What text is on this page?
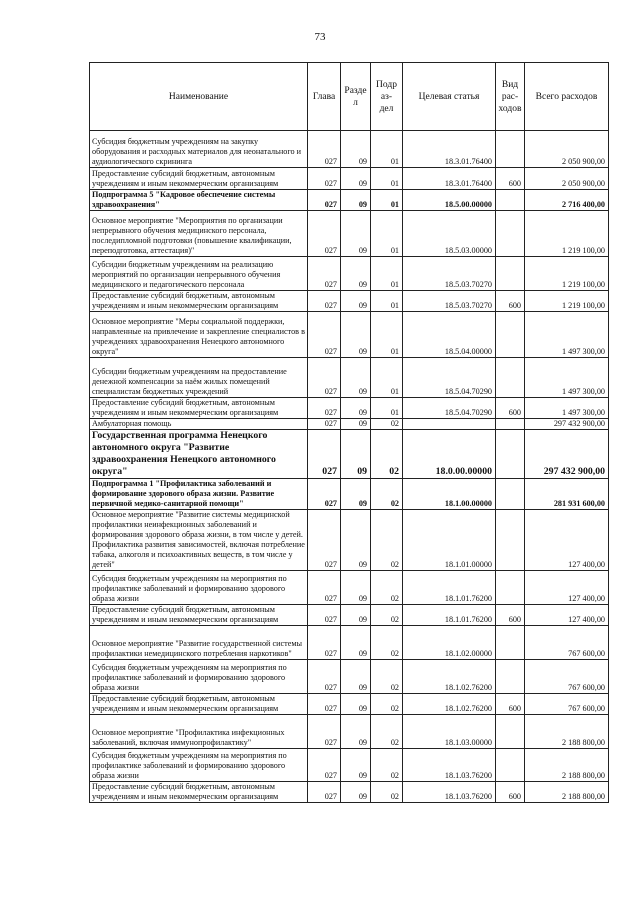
73
Наименование	Глава	Разде л	Подр аз- дел	Целевая статья	Вид рас- ходов	Всего расходов
Субсидия бюджетным учреждениям на закупку оборудования и расходных материалов для неонатального и аудиологического скрининга	027	09	01	18.3.01.76400		2 050 900,00
Предоставление субсидий бюджетным, автономным учреждениям и иным некоммерческим организациям	027	09	01	18.3.01.76400	600	2 050 900,00
Подпрограмма 5 "Кадровое обеспечение системы здравоохранения"	027	09	01	18.5.00.00000		2 716 400,00
Основное мероприятие "Мероприятия по организации непрерывного обучения медицинского персонала, последипломной подготовки (повышение квалификации, переподготовка, аттестация)"	027	09	01	18.5.03.00000		1 219 100,00
Субсидии бюджетным учреждениям на реализацию мероприятий по организации непрерывного обучения медицинского и педагогического персонала	027	09	01	18.5.03.70270		1 219 100,00
Предоставление субсидий бюджетным, автономным учреждениям и иным некоммерческим организациям	027	09	01	18.5.03.70270	600	1 219 100,00
Основное мероприятие "Меры социальной поддержки, направленные на привлечение и закрепление специалистов в учреждениях здравоохранения Ненецкого автономного округа"	027	09	01	18.5.04.00000		1 497 300,00
Субсидии бюджетным учреждениям на предоставление денежной компенсации за наём жилых помещений специалистам бюджетных учреждений	027	09	01	18.5.04.70290		1 497 300,00
Предоставление субсидий бюджетным, автономным учреждениям и иным некоммерческим организациям	027	09	01	18.5.04.70290	600	1 497 300,00
Амбулаторная помощь	027	09	02			297 432 900,00
Государственная программа Ненецкого автономного округа "Развитие здравоохранения Ненецкого автономного округа"	027	09	02	18.0.00.00000		297 432 900,00
Подпрограмма 1 "Профилактика заболеваний и формирование здорового образа жизни. Развитие первичной медико-санитарной помощи"	027	09	02	18.1.00.00000		281 931 600,00
Основное мероприятие "Развитие системы медицинской профилактики неинфекционных заболеваний и формирования здорового образа жизни, в том числе у детей. Профилактика развития зависимостей, включая потребление табака, алкоголя и психоактивных веществ, в том числе у детей"	027	09	02	18.1.01.00000		127 400,00
Субсидия бюджетным учреждениям на мероприятия по профилактике заболеваний и формированию здорового образа жизни	027	09	02	18.1.01.76200		127 400,00
Предоставление субсидий бюджетным, автономным учреждениям и иным некоммерческим организациям	027	09	02	18.1.01.76200	600	127 400,00
Основное мероприятие "Развитие государственной системы профилактики немедицинского потребления наркотиков"	027	09	02	18.1.02.00000		767 600,00
Субсидия бюджетным учреждениям на мероприятия по профилактике заболеваний и формированию здорового образа жизни	027	09	02	18.1.02.76200		767 600,00
Предоставление субсидий бюджетным, автономным учреждениям и иным некоммерческим организациям	027	09	02	18.1.02.76200	600	767 600,00
Основное мероприятие "Профилактика инфекционных заболеваний, включая иммунопрофилактику"	027	09	02	18.1.03.00000		2 188 800,00
Субсидия бюджетным учреждениям на мероприятия по профилактике заболеваний и формированию здорового образа жизни	027	09	02	18.1.03.76200		2 188 800,00
Предоставление субсидий бюджетным, автономным учреждениям и иным некоммерческим организациям	027	09	02	18.1.03.76200	600	2 188 800,00
